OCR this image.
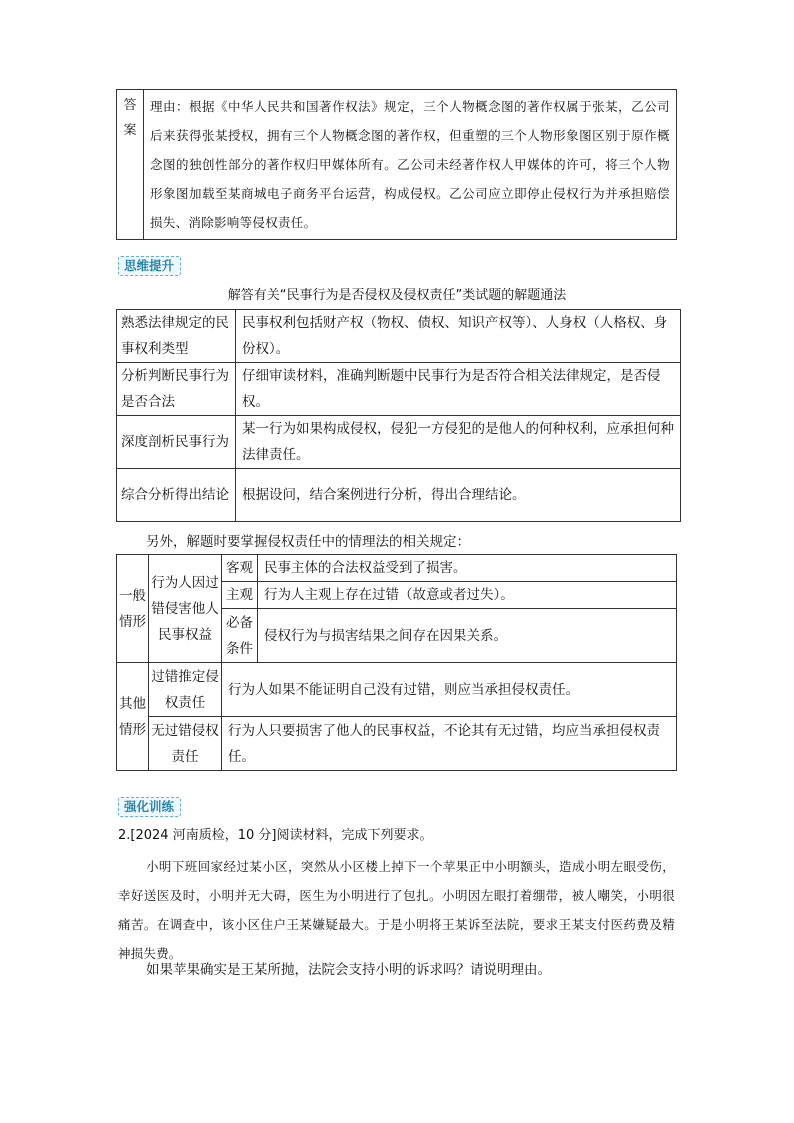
答
案
	理由：根据《中华人民共和国著作权法》规定，三个人物概念图的著作权属于张某，乙公司后来获得张某授权，拥有三个人物概念图的著作权，但重塑的三个人物形象图区别于原作概念图的独创性部分的著作权归甲媒体所有。乙公司未经著作权人甲媒体的许可，将三个人物形象图加载至某商城电子商务平台运营，构成侵权。乙公司应立即停止侵权行为并承担赔偿损失、消除影响等侵权责任。
思维提升
解答有关“民事行为是否侵权及侵权责任”类试题的解题通法
熟悉法律规定的民事权利类型	民事权利包括财产权（物权、债权、知识产权等）、人身权（人格权、身份权）。
分析判断民事行为是否合法	仔细审读材料，准确判断题中民事行为是否符合相关法律规定，是否侵权。
深度剖析民事行为	某一行为如果构成侵权，侵犯一方侵犯的是他人的何种权利，应承担何种法律责任。
综合分析得出结论	根据设问，结合案例进行分析，得出合理结论。
另外，解题时要掌握侵权责任中的情理法的相关规定：
一般情形	行为人因过错侵害他人民事权益	客观	民事主体的合法权益受到了损害。
		主观	行为人主观上存在过错（故意或者过失）。
		必备条件	侵权行为与损害结果之间存在因果关系。
其他情形	过错推定侵权责任	行为人如果不能证明自己没有过错，则应当承担侵权责任。	
	无过错侵权责任	行为人只要损害了他人的民事权益，不论其有无过错，均应当承担侵权责任。	
强化训练
2.[2024 河南质检，10 分]阅读材料，完成下列要求。
小明下班回家经过某小区，突然从小区楼上掉下一个苹果正中小明额头，造成小明左眼受伤，幸好送医及时，小明并无大碍，医生为小明进行了包扎。小明因左眼打着绷带，被人嘲笑，小明很痛苦。在调查中，该小区住户王某嫌疑最大。于是小明将王某诉至法院，要求王某支付医药费及精神损失费。
如果苹果确实是王某所抛，法院会支持小明的诉求吗？请说明理由。
